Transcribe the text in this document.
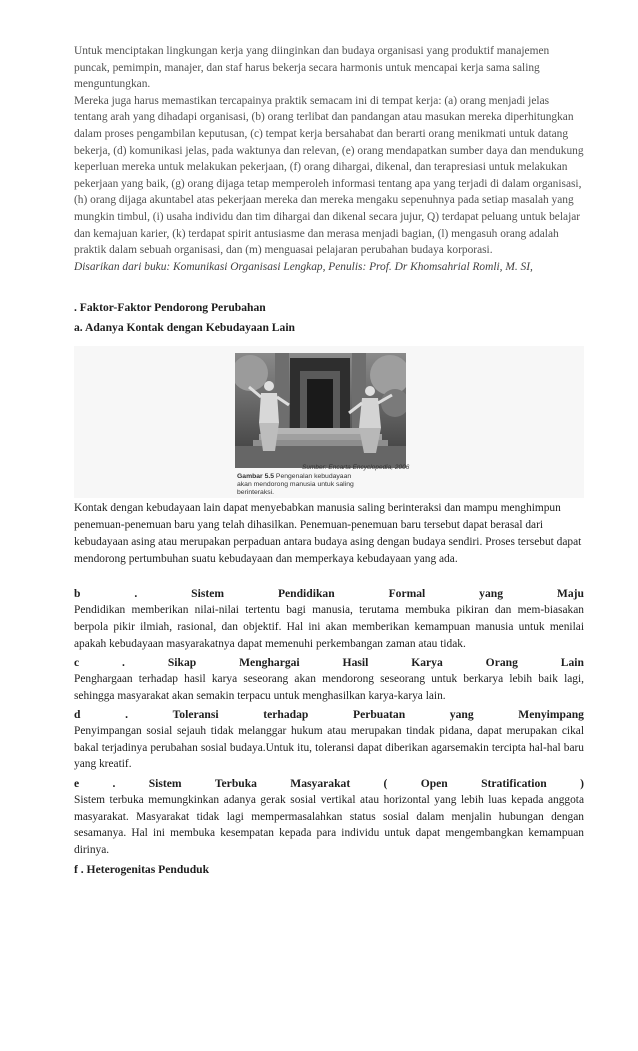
Untuk menciptakan lingkungan kerja yang diinginkan dan budaya organisasi yang produktif manajemen puncak, pemimpin, manajer, dan staf harus bekerja secara harmonis untuk mencapai kerja sama saling menguntungkan.

Mereka juga harus memastikan tercapainya praktik semacam ini di tempat kerja: (a) orang menjadi jelas tentang arah yang dihadapi organisasi, (b) orang terlibat dan pandangan atau masukan mereka diperhitungkan dalam proses pengambilan keputusan, (c) tempat kerja bersahabat dan berarti orang menikmati untuk datang bekerja, (d) komunikasi jelas, pada waktunya dan relevan, (e) orang mendapatkan sumber daya dan mendukung keperluan mereka untuk melakukan pekerjaan, (f) orang dihargai, dikenal, dan terapresiasi untuk melakukan pekerjaan yang baik, (g) orang dijaga tetap memperoleh informasi tentang apa yang terjadi di dalam organisasi, (h) orang dijaga akuntabel atas pekerjaan mereka dan mereka mengaku sepenuhnya pada setiap masalah yang mungkin timbul, (i) usaha individu dan tim dihargai dan dikenal secara jujur, Q) terdapat peluang untuk belajar dan kemajuan karier, (k) terdapat spirit antusiasme dan merasa menjadi bagian, (l) mengasuh orang adalah praktik dalam sebuah organisasi, dan (m) menguasai pelajaran perubahan budaya korporasi.

Disarikan dari buku: Komunikasi Organisasi Lengkap, Penulis: Prof. Dr Khomsahrial Romli, M. SI,

. Faktor-Faktor Pendorong Perubahan

a. Adanya Kontak dengan Kebudayaan Lain

Sumber: Encarta Encyclopedia, 2006
Gambar 5.5 Pengenalan kebudayaan akan mendorong manusia untuk saling berinteraksi.

Kontak dengan kebudayaan lain dapat menyebabkan manusia saling berinteraksi dan mampu menghimpun penemuan-penemuan baru yang telah dihasilkan. Penemuan-penemuan baru tersebut dapat berasal dari kebudayaan asing atau merupakan perpaduan antara budaya asing dengan budaya sendiri. Proses tersebut dapat mendorong pertumbuhan suatu kebudayaan dan memperkaya kebudayaan yang ada.

b	.	Sistem	Pendidikan	Formal	yang	Maju

Pendidikan memberikan nilai-nilai tertentu bagi manusia, terutama membuka pikiran dan mem-biasakan berpola pikir ilmiah, rasional, dan objektif. Hal ini akan memberikan kemampuan manusia untuk menilai apakah kebudayaan masyarakatnya dapat memenuhi perkembangan zaman atau tidak.

c	.	Sikap	Menghargai	Hasil	Karya	Orang	Lain

Penghargaan terhadap hasil karya seseorang akan mendorong seseorang untuk berkarya lebih baik lagi, sehingga masyarakat akan semakin terpacu untuk menghasilkan karya-karya lain.

d	.	Toleransi	terhadap	Perbuatan	yang	Menyimpang

Penyimpangan sosial sejauh tidak melanggar hukum atau merupakan tindak pidana, dapat merupakan cikal bakal terjadinya perubahan sosial budaya.Untuk itu, toleransi dapat diberikan agarsemakin tercipta hal-hal baru yang kreatif.

e	.	Sistem	Terbuka	Masyarakat	(	Open	Stratification	)

Sistem terbuka memungkinkan adanya gerak sosial vertikal atau horizontal yang lebih luas kepada anggota masyarakat. Masyarakat tidak lagi mempermasalahkan status sosial dalam menjalin hubungan dengan sesamanya. Hal ini membuka kesempatan kepada para individu untuk dapat mengembangkan kemampuan dirinya.

f . Heterogenitas Penduduk
